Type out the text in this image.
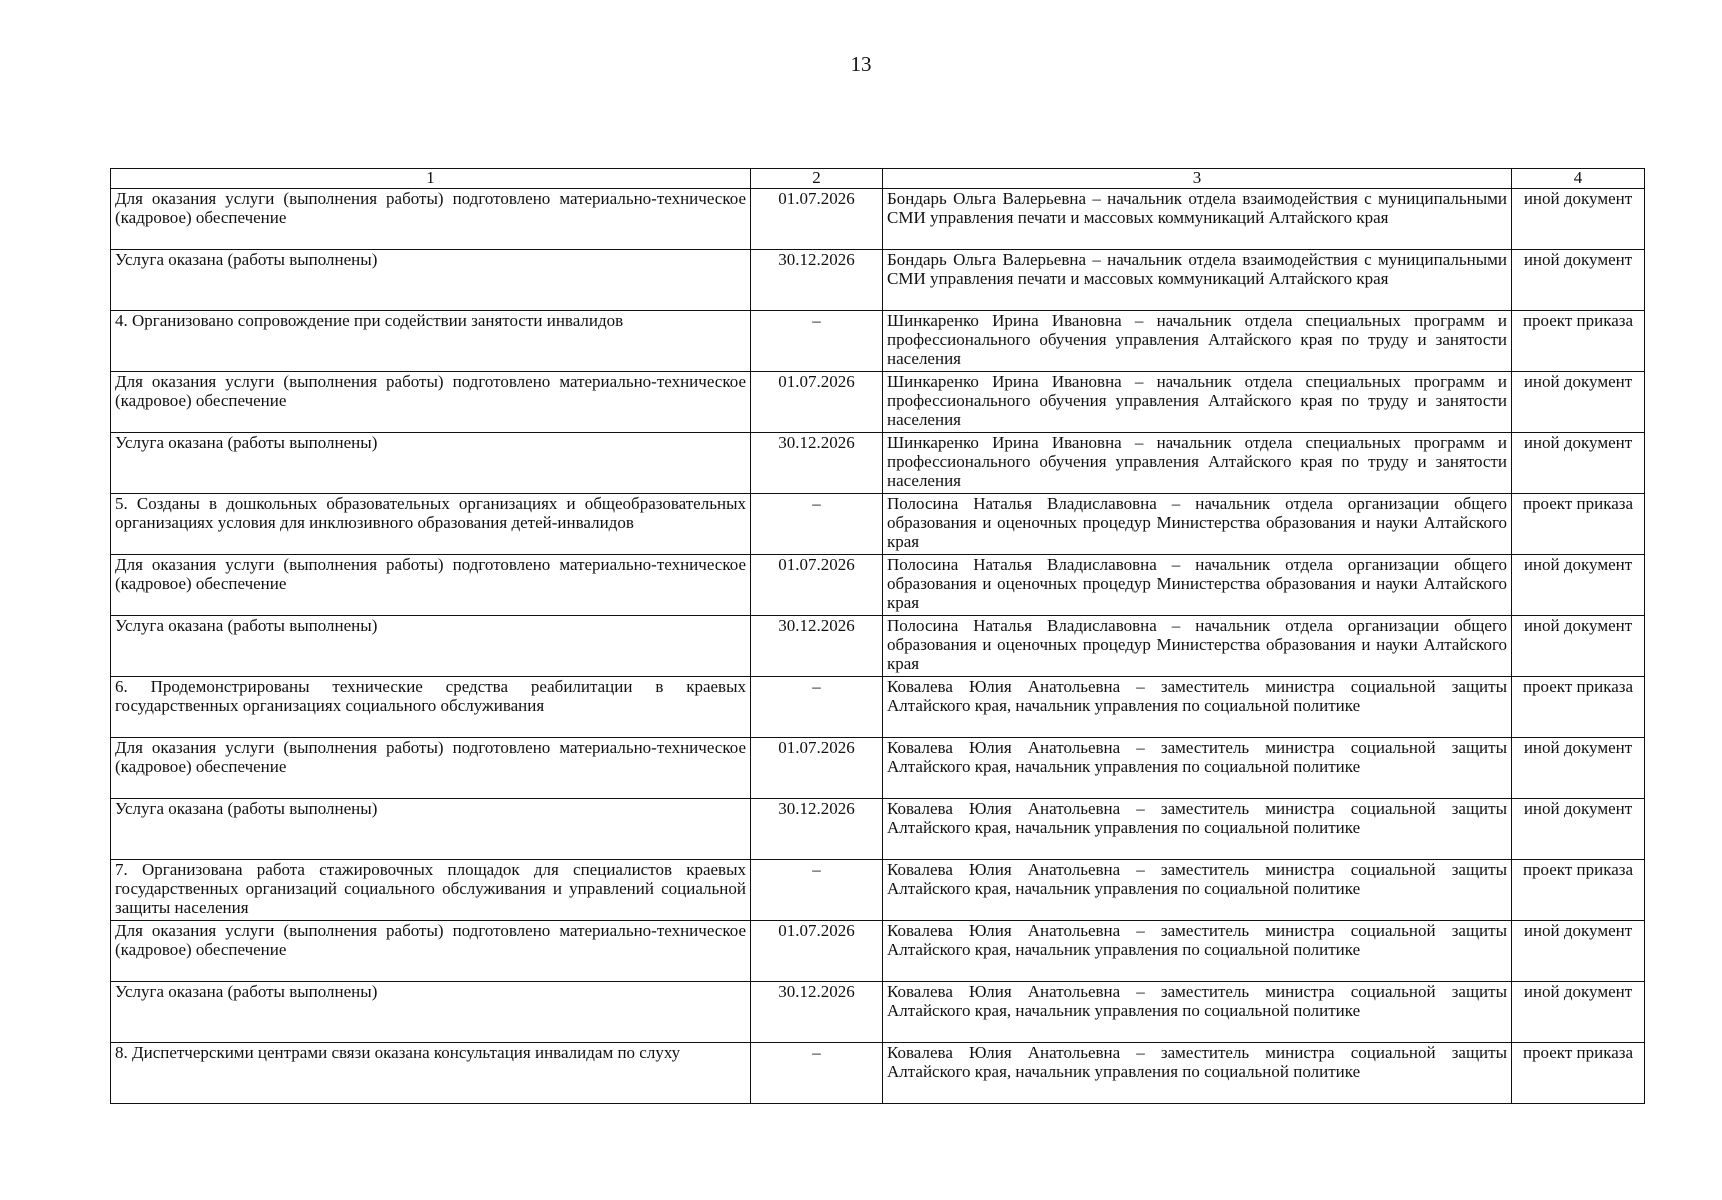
13
1	2	3	4
Для оказания услуги (выполнения работы) подготовлено материально-техническое (кадровое) обеспечение	01.07.2026	Бондарь Ольга Валерьевна – начальник отдела взаимодействия с муниципальными СМИ управления печати и массовых коммуникаций Алтайского края	иной документ
Услуга оказана (работы выполнены)	30.12.2026	Бондарь Ольга Валерьевна – начальник отдела взаимодействия с муниципальными СМИ управления печати и массовых коммуникаций Алтайского края	иной документ
4. Организовано сопровождение при содействии занятости инвалидов	–	Шинкаренко Ирина Ивановна – начальник отдела специальных программ и профессионального обучения управления Алтайского края по труду и занятости населения	проект приказа
Для оказания услуги (выполнения работы) подготовлено материально-техническое (кадровое) обеспечение	01.07.2026	Шинкаренко Ирина Ивановна – начальник отдела специальных программ и профессионального обучения управления Алтайского края по труду и занятости населения	иной документ
Услуга оказана (работы выполнены)	30.12.2026	Шинкаренко Ирина Ивановна – начальник отдела специальных программ и профессионального обучения управления Алтайского края по труду и занятости населения	иной документ
5. Созданы в дошкольных образовательных организациях и общеобразовательных организациях условия для инклюзивного образования детей-инвалидов	–	Полосина Наталья Владиславовна – начальник отдела организации общего образования и оценочных процедур Министерства образования и науки Алтайского края	проект приказа
Для оказания услуги (выполнения работы) подготовлено материально-техническое (кадровое) обеспечение	01.07.2026	Полосина Наталья Владиславовна – начальник отдела организации общего образования и оценочных процедур Министерства образования и науки Алтайского края	иной документ
Услуга оказана (работы выполнены)	30.12.2026	Полосина Наталья Владиславовна – начальник отдела организации общего образования и оценочных процедур Министерства образования и науки Алтайского края	иной документ
6. Продемонстрированы технические средства реабилитации в краевых государственных организациях социального обслуживания	–	Ковалева Юлия Анатольевна – заместитель министра социальной защиты Алтайского края, начальник управления по социальной политике	проект приказа
Для оказания услуги (выполнения работы) подготовлено материально-техническое (кадровое) обеспечение	01.07.2026	Ковалева Юлия Анатольевна – заместитель министра социальной защиты Алтайского края, начальник управления по социальной политике	иной документ
Услуга оказана (работы выполнены)	30.12.2026	Ковалева Юлия Анатольевна – заместитель министра социальной защиты Алтайского края, начальник управления по социальной политике	иной документ
7. Организована работа стажировочных площадок для специалистов краевых государственных организаций социального обслуживания и управлений социальной защиты населения	–	Ковалева Юлия Анатольевна – заместитель министра социальной защиты Алтайского края, начальник управления по социальной политике	проект приказа
Для оказания услуги (выполнения работы) подготовлено материально-техническое (кадровое) обеспечение	01.07.2026	Ковалева Юлия Анатольевна – заместитель министра социальной защиты Алтайского края, начальник управления по социальной политике	иной документ
Услуга оказана (работы выполнены)	30.12.2026	Ковалева Юлия Анатольевна – заместитель министра социальной защиты Алтайского края, начальник управления по социальной политике	иной документ
8. Диспетчерскими центрами связи оказана консультация инвалидам по слуху	–	Ковалева Юлия Анатольевна – заместитель министра социальной защиты Алтайского края, начальник управления по социальной политике	проект приказа
